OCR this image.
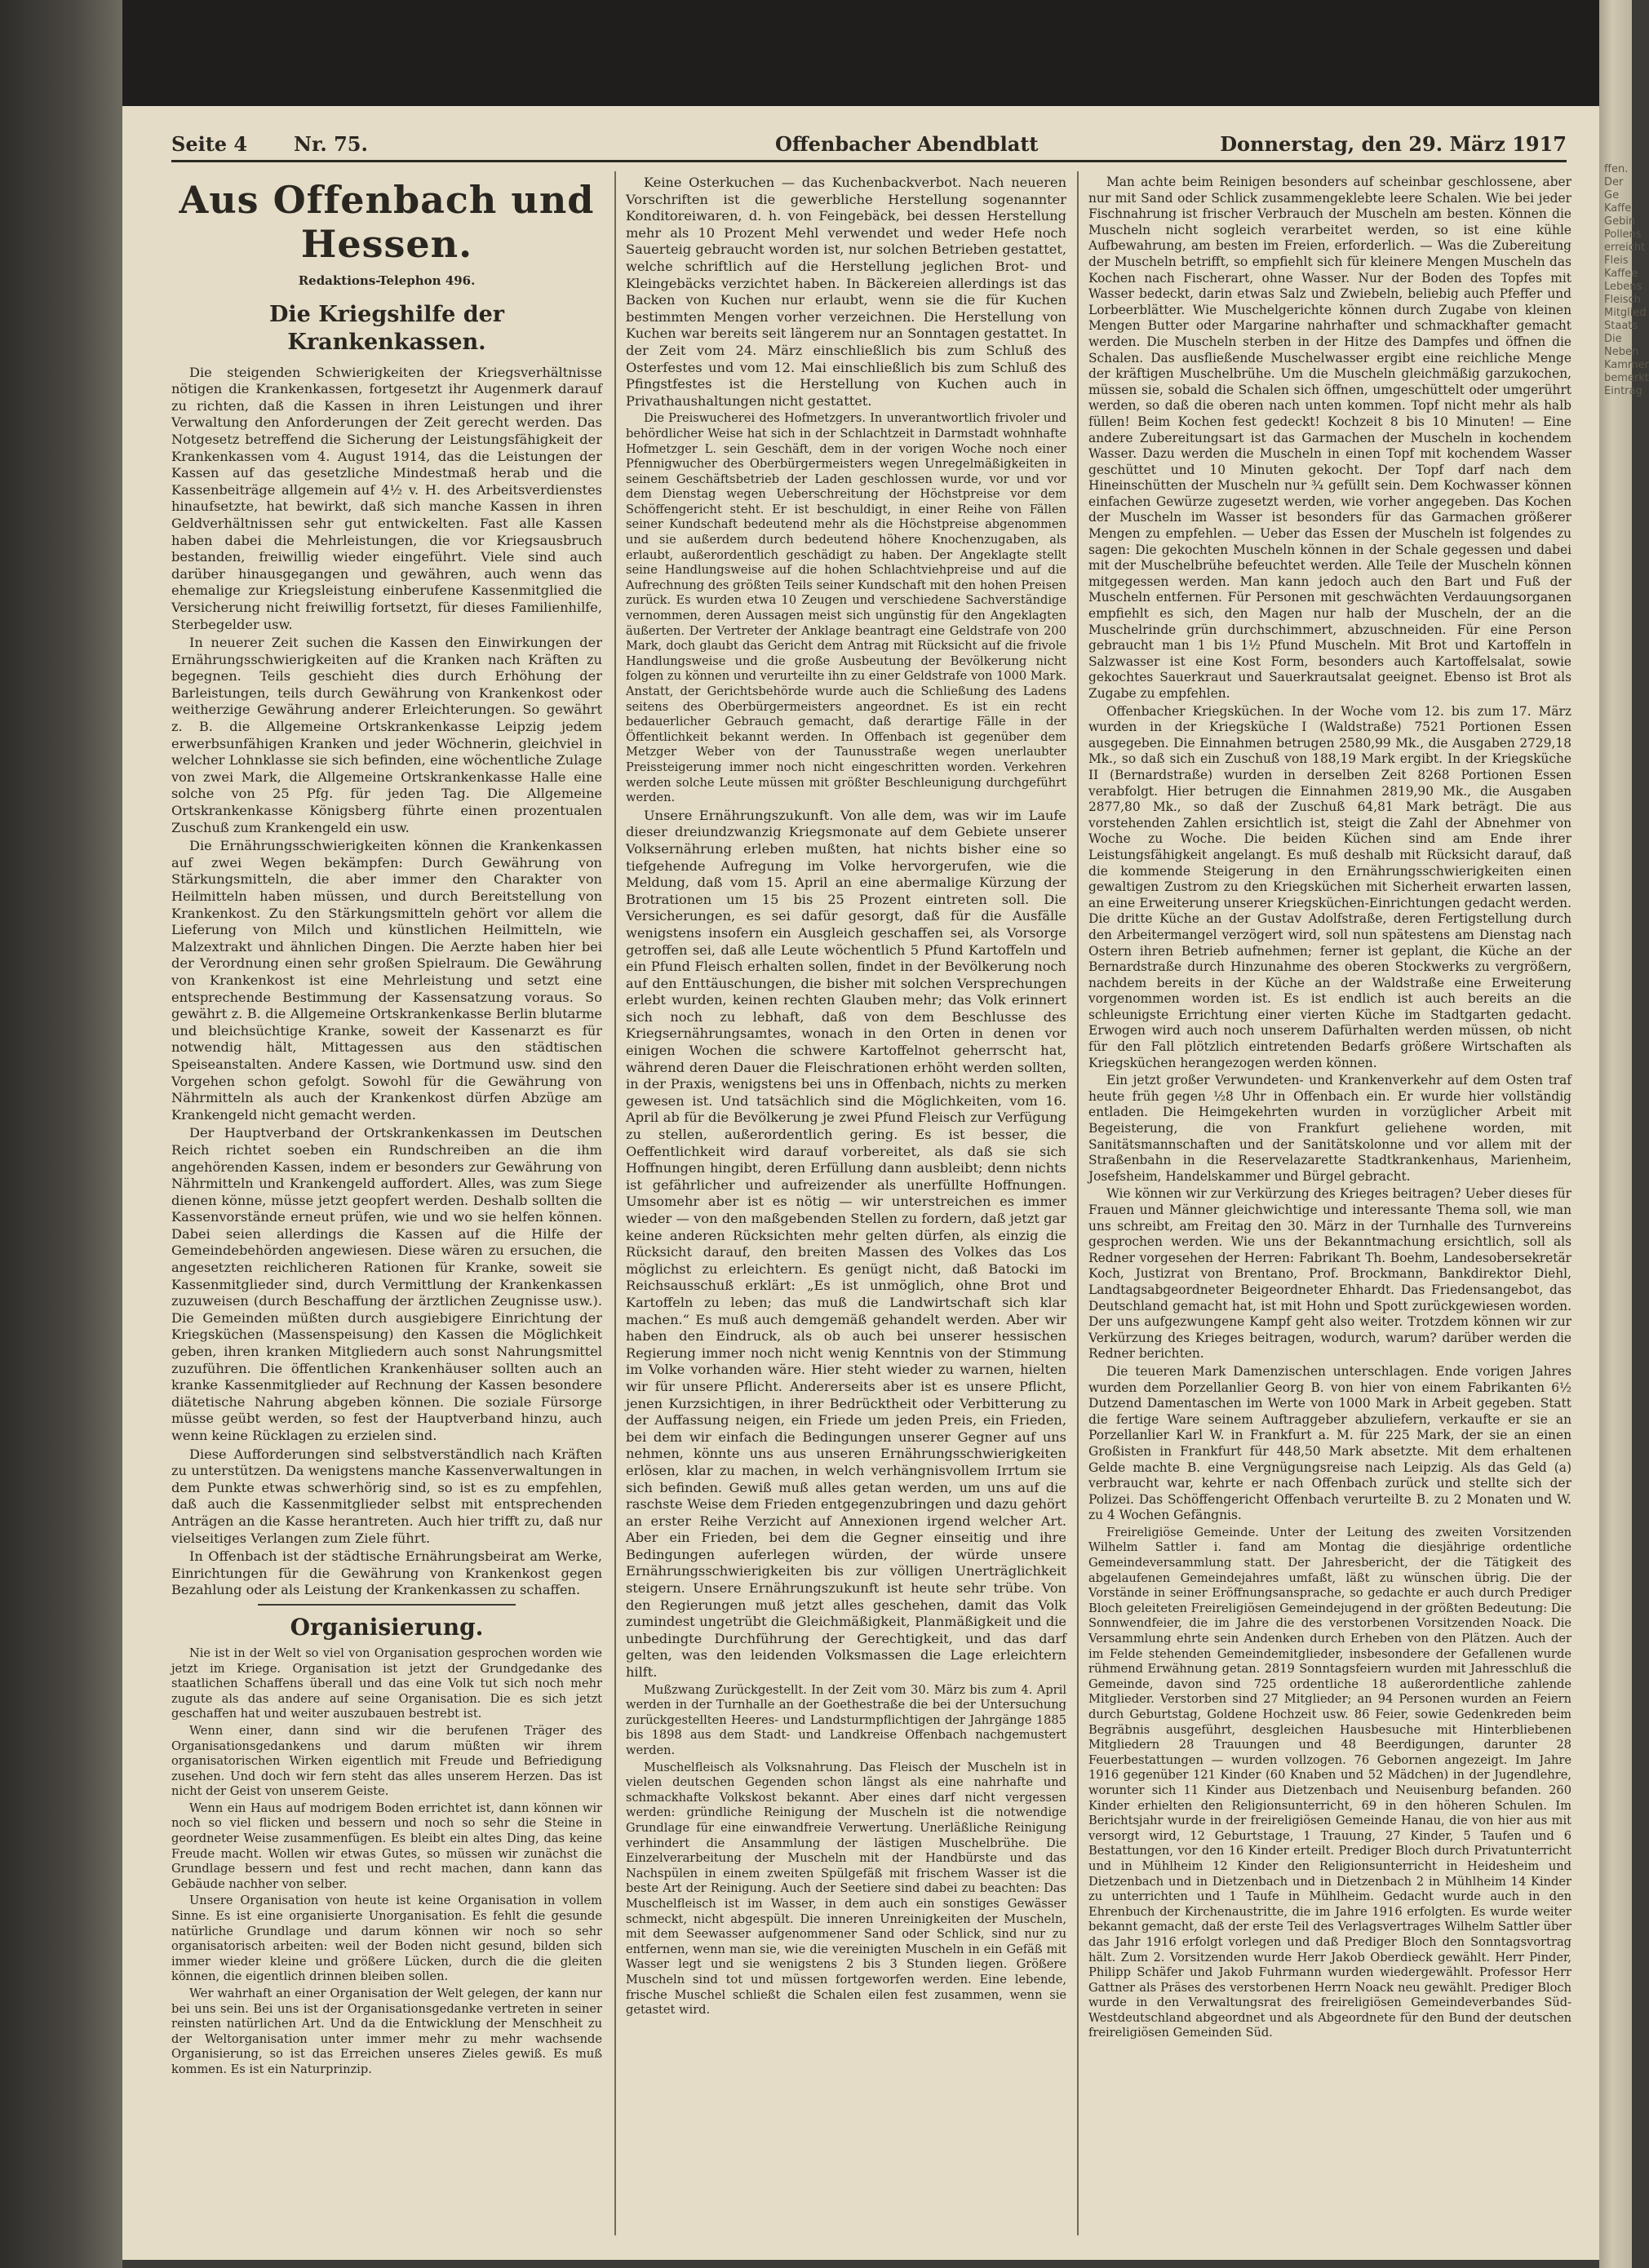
ffen. Der Ge Kaffe Gebin Pollens erreicht Fleis Kaffee Lebens Fleisch Mitglied Staats Die Neben Kammer bemerkt Eintrag
Seite 4 Nr. 75.	Offenbacher Abendblatt	Donnerstag, den 29. März 1917
Aus Offenbach und Hessen.
Redaktions-Telephon 496.
Die Kriegshilfe der Krankenkassen.

Die steigenden Schwierigkeiten der Kriegsverhältnisse nötigen die Krankenkassen, fortgesetzt ihr Augenmerk darauf zu richten, daß die Kassen in ihren Leistungen und ihrer Verwaltung den Anforderungen der Zeit gerecht werden. Das Notgesetz betreffend die Sicherung der Leistungsfähigkeit der Krankenkassen vom 4. August 1914, das die Leistungen der Kassen auf das gesetzliche Mindestmaß herab und die Kassenbeiträge allgemein auf 4½ v. H. des Arbeitsverdienstes hinaufsetzte, hat bewirkt, daß sich manche Kassen in ihren Geldverhältnissen sehr gut entwickelten. Fast alle Kassen haben dabei die Mehrleistungen, die vor Kriegsausbruch bestanden, freiwillig wieder eingeführt. Viele sind auch darüber hinausgegangen und gewähren, auch wenn das ehemalige zur Kriegsleistung einberufene Kassenmitglied die Versicherung nicht freiwillig fortsetzt, für dieses Familienhilfe, Sterbegelder usw.

In neuerer Zeit suchen die Kassen den Einwirkungen der Ernährungsschwierigkeiten auf die Kranken nach Kräften zu begegnen. Teils geschieht dies durch Erhöhung der Barleistungen, teils durch Gewährung von Krankenkost oder weitherzige Gewährung anderer Erleichterungen. So gewährt z. B. die Allgemeine Ortskrankenkasse Leipzig jedem erwerbsunfähigen Kranken und jeder Wöchnerin, gleichviel in welcher Lohnklasse sie sich befinden, eine wöchentliche Zulage von zwei Mark, die Allgemeine Ortskrankenkasse Halle eine solche von 25 Pfg. für jeden Tag. Die Allgemeine Ortskrankenkasse Königsberg führte einen prozentualen Zuschuß zum Krankengeld ein usw.

Die Ernährungsschwierigkeiten können die Krankenkassen auf zwei Wegen bekämpfen: Durch Gewährung von Stärkungsmitteln, die aber immer den Charakter von Heilmitteln haben müssen, und durch Bereitstellung von Krankenkost. Zu den Stärkungsmitteln gehört vor allem die Lieferung von Milch und künstlichen Heilmitteln, wie Malzextrakt und ähnlichen Dingen. Die Aerzte haben hier bei der Verordnung einen sehr großen Spielraum. Die Gewährung von Krankenkost ist eine Mehrleistung und setzt eine entsprechende Bestimmung der Kassensatzung voraus. So gewährt z. B. die Allgemeine Ortskrankenkasse Berlin blutarme und bleichsüchtige Kranke, soweit der Kassenarzt es für notwendig hält, Mittagessen aus den städtischen Speiseanstalten. Andere Kassen, wie Dortmund usw. sind den Vorgehen schon gefolgt. Sowohl für die Gewährung von Nährmitteln als auch der Krankenkost dürfen Abzüge am Krankengeld nicht gemacht werden.

Der Hauptverband der Ortskrankenkassen im Deutschen Reich richtet soeben ein Rundschreiben an die ihm angehörenden Kassen, indem er besonders zur Gewährung von Nährmitteln und Krankengeld auffordert. Alles, was zum Siege dienen könne, müsse jetzt geopfert werden. Deshalb sollten die Kassenvorstände erneut prüfen, wie und wo sie helfen können. Dabei seien allerdings die Kassen auf die Hilfe der Gemeindebehörden angewiesen. Diese wären zu ersuchen, die angesetzten reichlicheren Rationen für Kranke, soweit sie Kassenmitglieder sind, durch Vermittlung der Krankenkassen zuzuweisen (durch Beschaffung der ärztlichen Zeugnisse usw.). Die Gemeinden müßten durch ausgiebigere Einrichtung der Kriegsküchen (Massenspeisung) den Kassen die Möglichkeit geben, ihren kranken Mitgliedern auch sonst Nahrungsmittel zuzuführen. Die öffentlichen Krankenhäuser sollten auch an kranke Kassenmitglieder auf Rechnung der Kassen besondere diätetische Nahrung abgeben können. Die soziale Fürsorge müsse geübt werden, so fest der Hauptverband hinzu, auch wenn keine Rücklagen zu erzielen sind.

Diese Aufforderungen sind selbstverständlich nach Kräften zu unterstützen. Da wenigstens manche Kassenverwaltungen in dem Punkte etwas schwerhörig sind, so ist es zu empfehlen, daß auch die Kassenmitglieder selbst mit entsprechenden Anträgen an die Kasse herantreten. Auch hier trifft zu, daß nur vielseitiges Verlangen zum Ziele führt.

In Offenbach ist der städtische Ernährungsbeirat am Werke, Einrichtungen für die Gewährung von Krankenkost gegen Bezahlung oder als Leistung der Krankenkassen zu schaffen.

Organisierung.

Nie ist in der Welt so viel von Organisation gesprochen worden wie jetzt im Kriege. Organisation ist jetzt der Grundgedanke des staatlichen Schaffens überall und das eine Volk tut sich noch mehr zugute als das andere auf seine Organisation. Die es sich jetzt geschaffen hat und weiter auszubauen bestrebt ist.

Wenn einer, dann sind wir die berufenen Träger des Organisationsgedankens und darum müßten wir ihrem organisatorischen Wirken eigentlich mit Freude und Befriedigung zusehen. Und doch wir fern steht das alles unserem Herzen. Das ist nicht der Geist von unserem Geiste.

Wenn ein Haus auf modrigem Boden errichtet ist, dann können wir noch so viel flicken und bessern und noch so sehr die Steine in geordneter Weise zusammenfügen. Es bleibt ein altes Ding, das keine Freude macht. Wollen wir etwas Gutes, so müssen wir zunächst die Grundlage bessern und fest und recht machen, dann kann das Gebäude nachher von selber.

Unsere Organisation von heute ist keine Organisation in vollem Sinne. Es ist eine organisierte Unorganisation. Es fehlt die gesunde natürliche Grundlage und darum können wir noch so sehr organisatorisch arbeiten: weil der Boden nicht gesund, bilden sich immer wieder kleine und größere Lücken, durch die die gleiten können, die eigentlich drinnen bleiben sollen.

Wer wahrhaft an einer Organisation der Welt gelegen, der kann nur bei uns sein. Bei uns ist der Organisationsgedanke vertreten in seiner reinsten natürlichen Art. Und da die Entwicklung der Menschheit zu der Weltorganisation unter immer mehr zu mehr wachsende Organisierung, so ist das Erreichen unseres Zieles gewiß. Es muß kommen. Es ist ein Naturprinzip.

Keine Osterkuchen — das Kuchenbackverbot. Nach neueren Vorschriften ist die gewerbliche Herstellung sogenannter Konditoreiwaren, d. h. von Feingebäck, bei dessen Herstellung mehr als 10 Prozent Mehl verwendet und weder Hefe noch Sauerteig gebraucht worden ist, nur solchen Betrieben gestattet, welche schriftlich auf die Herstellung jeglichen Brot- und Kleingebäcks verzichtet haben. In Bäckereien allerdings ist das Backen von Kuchen nur erlaubt, wenn sie die für Kuchen bestimmten Mengen vorher verzeichnen. Die Herstellung von Kuchen war bereits seit längerem nur an Sonntagen gestattet. In der Zeit vom 24. März einschließlich bis zum Schluß des Osterfestes und vom 12. Mai einschließlich bis zum Schluß des Pfingstfestes ist die Herstellung von Kuchen auch in Privathaushaltungen nicht gestattet.

Die Preiswucherei des Hofmetzgers. In unverantwortlich frivoler und behördlicher Weise hat sich in der Schlachtzeit in Darmstadt wohnhafte Hofmetzger L. sein Geschäft, dem in der vorigen Woche noch einer Pfennigwucher des Oberbürgermeisters wegen Unregelmäßigkeiten in seinem Geschäftsbetrieb der Laden geschlossen wurde, vor und vor dem Dienstag wegen Ueberschreitung der Höchstpreise vor dem Schöffengericht steht. Er ist beschuldigt, in einer Reihe von Fällen seiner Kundschaft bedeutend mehr als die Höchstpreise abgenommen und sie außerdem durch bedeutend höhere Knochenzugaben, als erlaubt, außerordentlich geschädigt zu haben. Der Angeklagte stellt seine Handlungsweise auf die hohen Schlachtviehpreise und auf die Aufrechnung des größten Teils seiner Kundschaft mit den hohen Preisen zurück. Es wurden etwa 10 Zeugen und verschiedene Sachverständige vernommen, deren Aussagen meist sich ungünstig für den Angeklagten äußerten. Der Vertreter der Anklage beantragt eine Geldstrafe von 200 Mark, doch glaubt das Gericht dem Antrag mit Rücksicht auf die frivole Handlungsweise und die große Ausbeutung der Bevölkerung nicht folgen zu können und verurteilte ihn zu einer Geldstrafe von 1000 Mark. Anstatt, der Gerichtsbehörde wurde auch die Schließung des Ladens seitens des Oberbürgermeisters angeordnet. Es ist ein recht bedauerlicher Gebrauch gemacht, daß derartige Fälle in der Öffentlichkeit bekannt werden. In Offenbach ist gegenüber dem Metzger Weber von der Taunusstraße wegen unerlaubter Preissteigerung immer noch nicht eingeschritten worden. Verkehren werden solche Leute müssen mit größter Beschleunigung durchgeführt werden.

Unsere Ernährungszukunft. Von alle dem, was wir im Laufe dieser dreiundzwanzig Kriegsmonate auf dem Gebiete unserer Volksernährung erleben mußten, hat nichts bisher eine so tiefgehende Aufregung im Volke hervorgerufen, wie die Meldung, daß vom 15. April an eine abermalige Kürzung der Brotrationen um 15 bis 25 Prozent eintreten soll. Die Versicherungen, es sei dafür gesorgt, daß für die Ausfälle wenigstens insofern ein Ausgleich geschaffen sei, als Vorsorge getroffen sei, daß alle Leute wöchentlich 5 Pfund Kartoffeln und ein Pfund Fleisch erhalten sollen, findet in der Bevölkerung noch auf den Enttäuschungen, die bisher mit solchen Versprechungen erlebt wurden, keinen rechten Glauben mehr; das Volk erinnert sich noch zu lebhaft, daß von dem Beschlusse des Kriegsernährungsamtes, wonach in den Orten in denen vor einigen Wochen die schwere Kartoffelnot geherrscht hat, während deren Dauer die Fleischrationen erhöht werden sollten, in der Praxis, wenigstens bei uns in Offenbach, nichts zu merken gewesen ist. Und tatsächlich sind die Möglichkeiten, vom 16. April ab für die Bevölkerung je zwei Pfund Fleisch zur Verfügung zu stellen, außerordentlich gering. Es ist besser, die Oeffentlichkeit wird darauf vorbereitet, als daß sie sich Hoffnungen hingibt, deren Erfüllung dann ausbleibt; denn nichts ist gefährlicher und aufreizender als unerfüllte Hoffnungen. Umsomehr aber ist es nötig — wir unterstreichen es immer wieder — von den maßgebenden Stellen zu fordern, daß jetzt gar keine anderen Rücksichten mehr gelten dürfen, als einzig die Rücksicht darauf, den breiten Massen des Volkes das Los möglichst zu erleichtern. Es genügt nicht, daß Batocki im Reichsausschuß erklärt: „Es ist unmöglich, ohne Brot und Kartoffeln zu leben; das muß die Landwirtschaft sich klar machen.“ Es muß auch demgemäß gehandelt werden. Aber wir haben den Eindruck, als ob auch bei unserer hessischen Regierung immer noch nicht wenig Kenntnis von der Stimmung im Volke vorhanden wäre. Hier steht wieder zu warnen, hielten wir für unsere Pflicht. Andererseits aber ist es unsere Pflicht, jenen Kurzsichtigen, in ihrer Bedrücktheit oder Verbitterung zu der Auffassung neigen, ein Friede um jeden Preis, ein Frieden, bei dem wir einfach die Bedingungen unserer Gegner auf uns nehmen, könnte uns aus unseren Ernährungsschwierigkeiten erlösen, klar zu machen, in welch verhängnisvollem Irrtum sie sich befinden. Gewiß muß alles getan werden, um uns auf die raschste Weise dem Frieden entgegenzubringen und dazu gehört an erster Reihe Verzicht auf Annexionen irgend welcher Art. Aber ein Frieden, bei dem die Gegner einseitig und ihre Bedingungen auferlegen würden, der würde unsere Ernährungsschwierigkeiten bis zur völligen Unerträglichkeit steigern. Unsere Ernährungszukunft ist heute sehr trübe. Von den Regierungen muß jetzt alles geschehen, damit das Volk zumindest ungetrübt die Gleichmäßigkeit, Planmäßigkeit und die unbedingte Durchführung der Gerechtigkeit, und das darf gelten, was den leidenden Volksmassen die Lage erleichtern hilft.

Mußzwang Zurückgestellt. In der Zeit vom 30. März bis zum 4. April werden in der Turnhalle an der Goethestraße die bei der Untersuchung zurückgestellten Heeres- und Landsturmpflichtigen der Jahrgänge 1885 bis 1898 aus dem Stadt- und Landkreise Offenbach nachgemustert werden.

Muschelfleisch als Volksnahrung. Das Fleisch der Muscheln ist in vielen deutschen Gegenden schon längst als eine nahrhafte und schmackhafte Volkskost bekannt. Aber eines darf nicht vergessen werden: gründliche Reinigung der Muscheln ist die notwendige Grundlage für eine einwandfreie Verwertung. Unerläßliche Reinigung verhindert die Ansammlung der lästigen Muschelbrühe. Die Einzelverarbeitung der Muscheln mit der Handbürste und das Nachspülen in einem zweiten Spülgefäß mit frischem Wasser ist die beste Art der Reinigung. Auch der Seetiere sind dabei zu beachten: Das Muschelfleisch ist im Wasser, in dem auch ein sonstiges Gewässer schmeckt, nicht abgespült. Die inneren Unreinigkeiten der Muscheln, mit dem Seewasser aufgenommener Sand oder Schlick, sind nur zu entfernen, wenn man sie, wie die vereinigten Muscheln in ein Gefäß mit Wasser legt und sie wenigstens 2 bis 3 Stunden liegen. Größere Muscheln sind tot und müssen fortgeworfen werden. Eine lebende, frische Muschel schließt die Schalen eilen fest zusammen, wenn sie getastet wird.

Man achte beim Reinigen besonders auf scheinbar geschlossene, aber nur mit Sand oder Schlick zusammengeklebte leere Schalen. Wie bei jeder Fischnahrung ist frischer Verbrauch der Muscheln am besten. Können die Muscheln nicht sogleich verarbeitet werden, so ist eine kühle Aufbewahrung, am besten im Freien, erforderlich. — Was die Zubereitung der Muscheln betrifft, so empfiehlt sich für kleinere Mengen Muscheln das Kochen nach Fischerart, ohne Wasser. Nur der Boden des Topfes mit Wasser bedeckt, darin etwas Salz und Zwiebeln, beliebig auch Pfeffer und Lorbeerblätter. Wie Muschelgerichte können durch Zugabe von kleinen Mengen Butter oder Margarine nahrhafter und schmackhafter gemacht werden. Die Muscheln sterben in der Hitze des Dampfes und öffnen die Schalen. Das ausfließende Muschelwasser ergibt eine reichliche Menge der kräftigen Muschelbrühe. Um die Muscheln gleichmäßig garzukochen, müssen sie, sobald die Schalen sich öffnen, umgeschüttelt oder umgerührt werden, so daß die oberen nach unten kommen. Topf nicht mehr als halb füllen! Beim Kochen fest gedeckt! Kochzeit 8 bis 10 Minuten! — Eine andere Zubereitungsart ist das Garmachen der Muscheln in kochendem Wasser. Dazu werden die Muscheln in einen Topf mit kochendem Wasser geschüttet und 10 Minuten gekocht. Der Topf darf nach dem Hineinschütten der Muscheln nur ¾ gefüllt sein. Dem Kochwasser können einfachen Gewürze zugesetzt werden, wie vorher angegeben. Das Kochen der Muscheln im Wasser ist besonders für das Garmachen größerer Mengen zu empfehlen. — Ueber das Essen der Muscheln ist folgendes zu sagen: Die gekochten Muscheln können in der Schale gegessen und dabei mit der Muschelbrühe befeuchtet werden. Alle Teile der Muscheln können mitgegessen werden. Man kann jedoch auch den Bart und Fuß der Muscheln entfernen. Für Personen mit geschwächten Verdauungsorganen empfiehlt es sich, den Magen nur halb der Muscheln, der an die Muschelrinde grün durchschimmert, abzuschneiden. Für eine Person gebraucht man 1 bis 1½ Pfund Muscheln. Mit Brot und Kartoffeln in Salzwasser ist eine Kost Form, besonders auch Kartoffelsalat, sowie gekochtes Sauerkraut und Sauerkrautsalat geeignet. Ebenso ist Brot als Zugabe zu empfehlen.

Offenbacher Kriegsküchen. In der Woche vom 12. bis zum 17. März wurden in der Kriegsküche I (Waldstraße) 7521 Portionen Essen ausgegeben. Die Einnahmen betrugen 2580,99 Mk., die Ausgaben 2729,18 Mk., so daß sich ein Zuschuß von 188,19 Mark ergibt. In der Kriegsküche II (Bernardstraße) wurden in derselben Zeit 8268 Portionen Essen verabfolgt. Hier betrugen die Einnahmen 2819,90 Mk., die Ausgaben 2877,80 Mk., so daß der Zuschuß 64,81 Mark beträgt. Die aus vorstehenden Zahlen ersichtlich ist, steigt die Zahl der Abnehmer von Woche zu Woche. Die beiden Küchen sind am Ende ihrer Leistungsfähigkeit angelangt. Es muß deshalb mit Rücksicht darauf, daß die kommende Steigerung in den Ernährungsschwierigkeiten einen gewaltigen Zustrom zu den Kriegsküchen mit Sicherheit erwarten lassen, an eine Erweiterung unserer Kriegsküchen-Einrichtungen gedacht werden. Die dritte Küche an der Gustav Adolfstraße, deren Fertigstellung durch den Arbeitermangel verzögert wird, soll nun spätestens am Dienstag nach Ostern ihren Betrieb aufnehmen; ferner ist geplant, die Küche an der Bernardstraße durch Hinzunahme des oberen Stockwerks zu vergrößern, nachdem bereits in der Küche an der Waldstraße eine Erweiterung vorgenommen worden ist. Es ist endlich ist auch bereits an die schleunigste Errichtung einer vierten Küche im Stadtgarten gedacht. Erwogen wird auch noch unserem Dafürhalten werden müssen, ob nicht für den Fall plötzlich eintretenden Bedarfs größere Wirtschaften als Kriegsküchen herangezogen werden können.

Ein jetzt großer Verwundeten- und Krankenverkehr auf dem Osten traf heute früh gegen ½8 Uhr in Offenbach ein. Er wurde hier vollständig entladen. Die Heimgekehrten wurden in vorzüglicher Arbeit mit Begeisterung, die von Frankfurt geliehene worden, mit Sanitätsmannschaften und der Sanitätskolonne und vor allem mit der Straßenbahn in die Reservelazarette Stadtkrankenhaus, Marienheim, Josefsheim, Handelskammer und Bürgel gebracht.

Wie können wir zur Verkürzung des Krieges beitragen? Ueber dieses für Frauen und Männer gleichwichtige und interessante Thema soll, wie man uns schreibt, am Freitag den 30. März in der Turnhalle des Turnvereins gesprochen werden. Wie uns der Bekanntmachung ersichtlich, soll als Redner vorgesehen der Herren: Fabrikant Th. Boehm, Landesobersekretär Koch, Justizrat von Brentano, Prof. Brockmann, Bankdirektor Diehl, Landtagsabgeordneter Beigeordneter Ehhardt. Das Friedensangebot, das Deutschland gemacht hat, ist mit Hohn und Spott zurückgewiesen worden. Der uns aufgezwungene Kampf geht also weiter. Trotzdem können wir zur Verkürzung des Krieges beitragen, wodurch, warum? darüber werden die Redner berichten.

Die teueren Mark Damenzischen unterschlagen. Ende vorigen Jahres wurden dem Porzellanlier Georg B. von hier von einem Fabrikanten 6½ Dutzend Damentaschen im Werte von 1000 Mark in Arbeit gegeben. Statt die fertige Ware seinem Auftraggeber abzuliefern, verkaufte er sie an Porzellanlier Karl W. in Frankfurt a. M. für 225 Mark, der sie an einen Großisten in Frankfurt für 448,50 Mark absetzte. Mit dem erhaltenen Gelde machte B. eine Vergnügungsreise nach Leipzig. Als das Geld (a) verbraucht war, kehrte er nach Offenbach zurück und stellte sich der Polizei. Das Schöffengericht Offenbach verurteilte B. zu 2 Monaten und W. zu 4 Wochen Gefängnis.

Freireligiöse Gemeinde. Unter der Leitung des zweiten Vorsitzenden Wilhelm Sattler i. fand am Montag die diesjährige ordentliche Gemeindeversammlung statt. Der Jahresbericht, der die Tätigkeit des abgelaufenen Gemeindejahres umfaßt, läßt zu wünschen übrig. Die der Vorstände in seiner Eröffnungsansprache, so gedachte er auch durch Prediger Bloch geleiteten Freireligiösen Gemeindejugend in der größten Bedeutung: Die Sonnwendfeier, die im Jahre die des verstorbenen Vorsitzenden Noack. Die Versammlung ehrte sein Andenken durch Erheben von den Plätzen. Auch der im Felde stehenden Gemeindemitglieder, insbesondere der Gefallenen wurde rühmend Erwähnung getan. 2819 Sonntagsfeiern wurden mit Jahresschluß die Gemeinde, davon sind 725 ordentliche 18 außerordentliche zahlende Mitglieder. Verstorben sind 27 Mitglieder; an 94 Personen wurden an Feiern durch Geburtstag, Goldene Hochzeit usw. 86 Feier, sowie Gedenkreden beim Begräbnis ausgeführt, desgleichen Hausbesuche mit Hinterbliebenen Mitgliedern 28 Trauungen und 48 Beerdigungen, darunter 28 Feuerbestattungen — wurden vollzogen. 76 Gebornen angezeigt. Im Jahre 1916 gegenüber 121 Kinder (60 Knaben und 52 Mädchen) in der Jugendlehre, worunter sich 11 Kinder aus Dietzenbach und Neuisenburg befanden. 260 Kinder erhielten den Religionsunterricht, 69 in den höheren Schulen. Im Berichtsjahr wurde in der freireligiösen Gemeinde Hanau, die von hier aus mit versorgt wird, 12 Geburtstage, 1 Trauung, 27 Kinder, 5 Taufen und 6 Bestattungen, vor den 16 Kinder erteilt. Prediger Bloch durch Privatunterricht und in Mühlheim 12 Kinder den Religionsunterricht in Heidesheim und Dietzenbach und in Dietzenbach und in Dietzenbach 2 in Mühlheim 14 Kinder zu unterrichten und 1 Taufe in Mühlheim. Gedacht wurde auch in den Ehrenbuch der Kirchenaustritte, die im Jahre 1916 erfolgten. Es wurde weiter bekannt gemacht, daß der erste Teil des Verlagsvertrages Wilhelm Sattler über das Jahr 1916 erfolgt vorlegen und daß Prediger Bloch den Sonntagsvortrag hält. Zum 2. Vorsitzenden wurde Herr Jakob Oberdieck gewählt. Herr Pinder, Philipp Schäfer und Jakob Fuhrmann wurden wiedergewählt. Professor Herr Gattner als Präses des verstorbenen Herrn Noack neu gewählt. Prediger Bloch wurde in den Verwaltungsrat des freireligiösen Gemeindeverbandes Süd-Westdeutschland abgeordnet und als Abgeordnete für den Bund der deutschen freireligiösen Gemeinden Süd.
